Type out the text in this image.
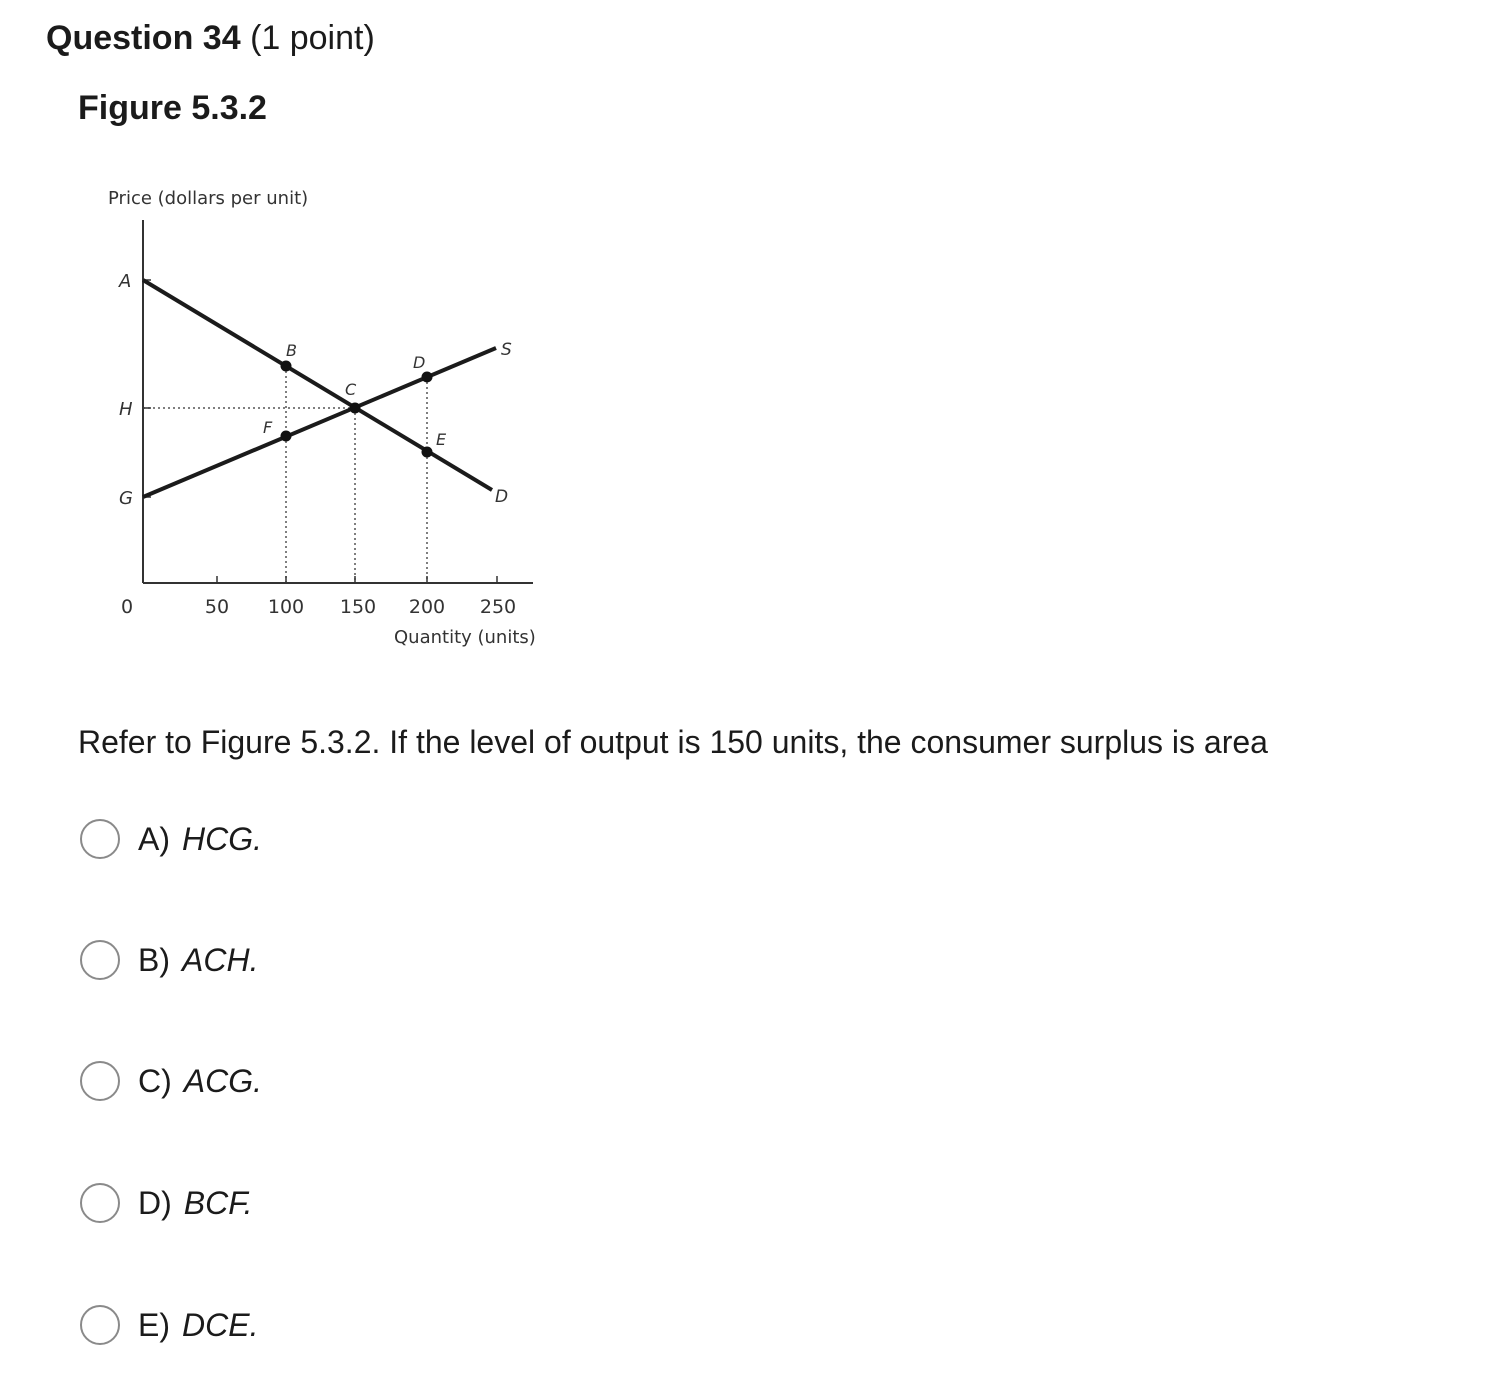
Question 34 (1 point)
Figure 5.3.2
Price (dollars per unit)
Quantity (units)
A
H
G
0	50 100 150 200 250
S
D
B
C
D
E
F
Refer to Figure 5.3.2. If the level of output is 150 units, the consumer surplus is area
A) HCG.
B) ACH.
C) ACG.
D) BCF.
E) DCE.
